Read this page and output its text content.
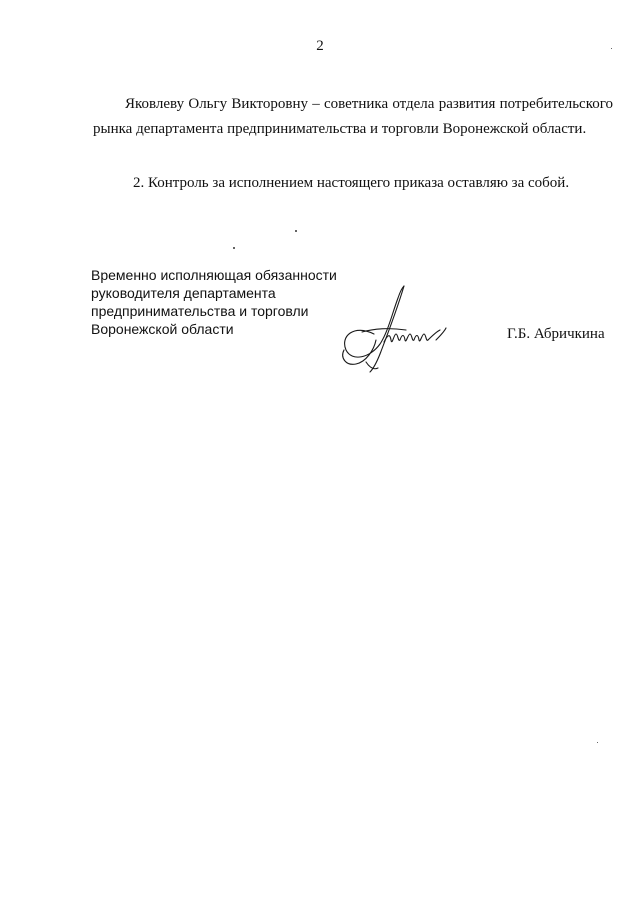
2

Яковлеву Ольгу Викторовну – советника отдела развития потребительского рынка департамента предпринимательства и торговли Воронежской области.

2. Контроль за исполнением настоящего приказа оставляю за собой.

Временно исполняющая обязанности
руководителя департамента
предпринимательства и торговли
Воронежской области	Г.Б. Абричкина
